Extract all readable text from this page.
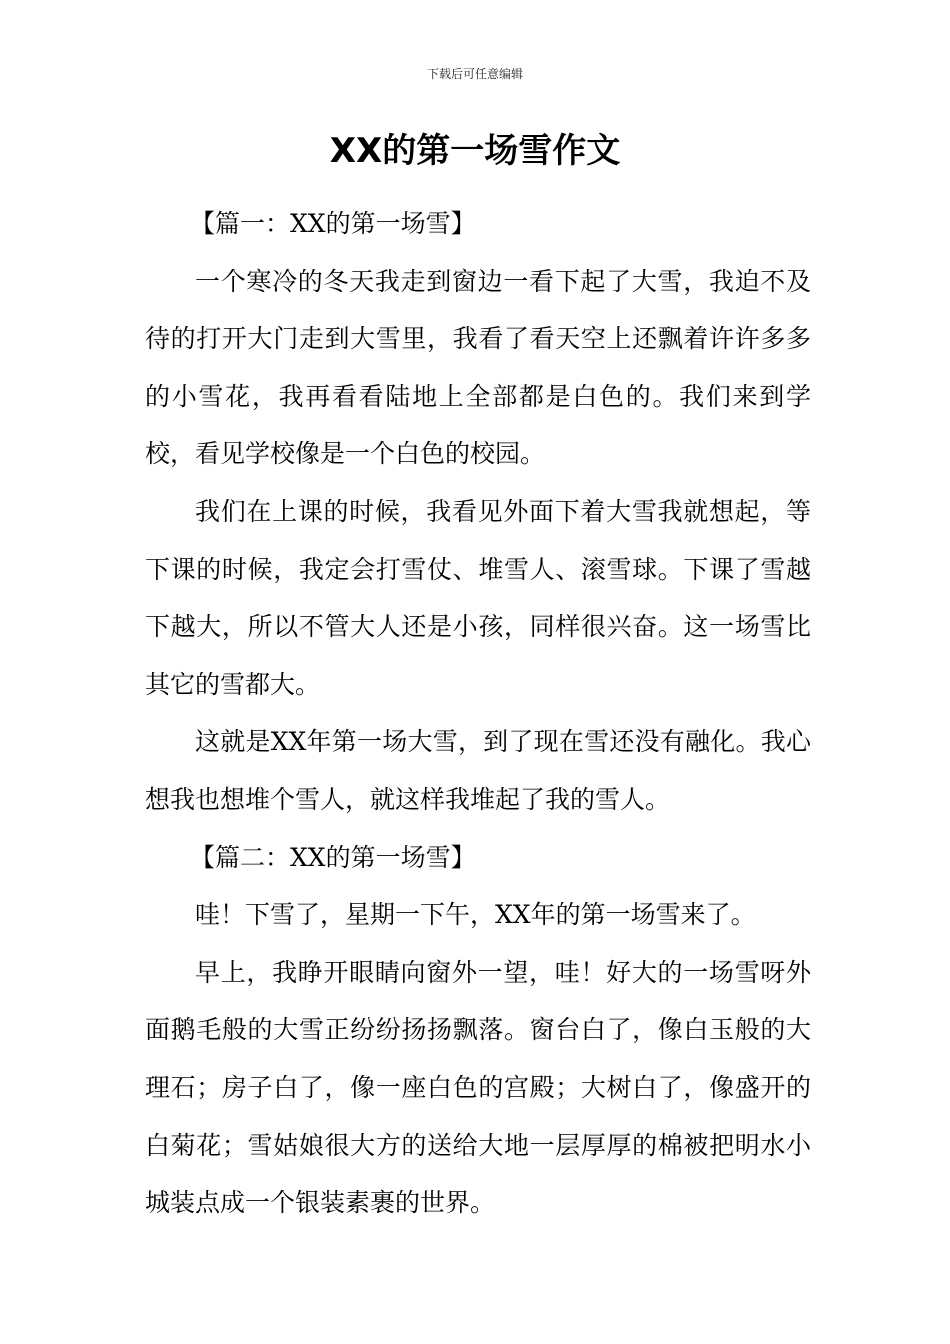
下载后可任意编辑
XX的第一场雪作文

【篇一：XX的第一场雪】

一个寒冷的冬天我走到窗边一看下起了大雪，我迫不及待的打开大门走到大雪里，我看了看天空上还飘着许许多多的小雪花，我再看看陆地上全部都是白色的。我们来到学校，看见学校像是一个白色的校园。

我们在上课的时候，我看见外面下着大雪我就想起，等下课的时候，我定会打雪仗、堆雪人、滚雪球。下课了雪越下越大，所以不管大人还是小孩，同样很兴奋。这一场雪比其它的雪都大。

这就是XX年第一场大雪，到了现在雪还没有融化。我心想我也想堆个雪人，就这样我堆起了我的雪人。

【篇二：XX的第一场雪】

哇！下雪了，星期一下午，XX年的第一场雪来了。

早上，我睁开眼睛向窗外一望，哇！好大的一场雪呀外面鹅毛般的大雪正纷纷扬扬飘落。窗台白了，像白玉般的大理石；房子白了，像一座白色的宫殿；大树白了，像盛开的白菊花；雪姑娘很大方的送给大地一层厚厚的棉被把明水小城装点成一个银装素裹的世界。
